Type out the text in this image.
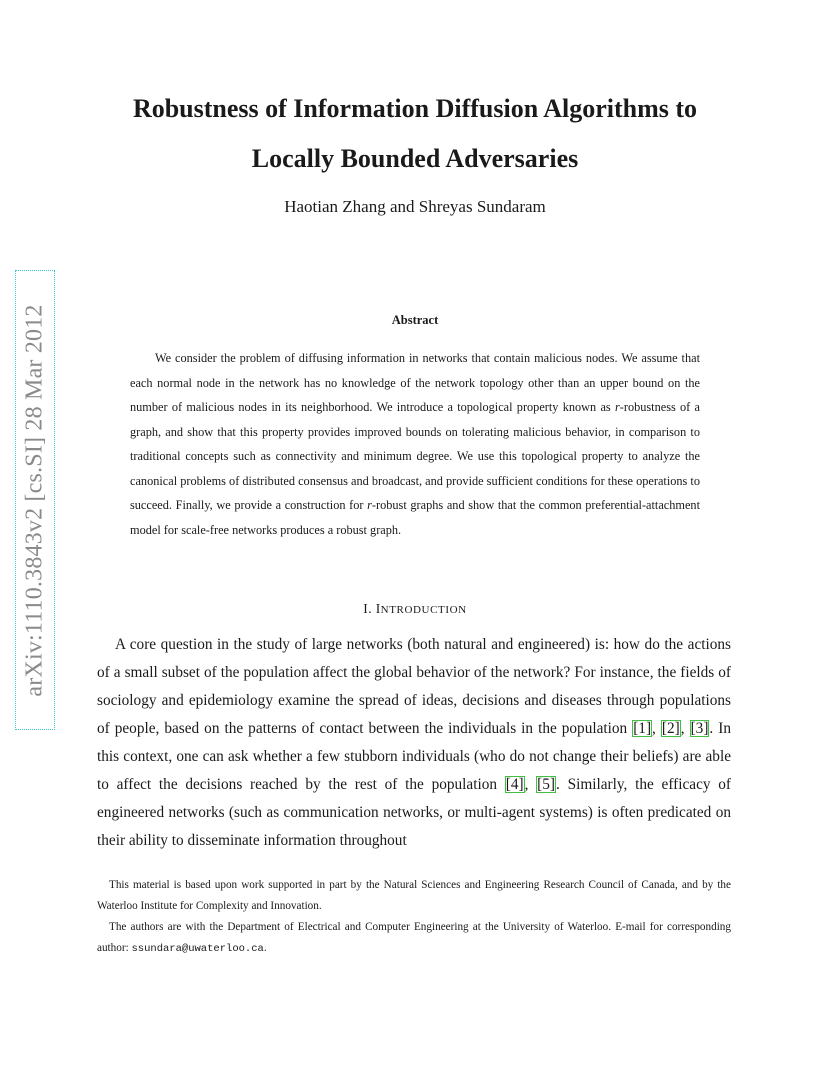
arXiv:1110.3843v2 [cs.SI] 28 Mar 2012
Robustness of Information Diffusion Algorithms to
Locally Bounded Adversaries
Haotian Zhang and Shreyas Sundaram
Abstract

We consider the problem of diffusing information in networks that contain malicious nodes. We assume that each normal node in the network has no knowledge of the network topology other than an upper bound on the number of malicious nodes in its neighborhood. We introduce a topological property known as r-robustness of a graph, and show that this property provides improved bounds on tolerating malicious behavior, in comparison to traditional concepts such as connectivity and minimum degree. We use this topological property to analyze the canonical problems of distributed consensus and broadcast, and provide sufficient conditions for these operations to succeed. Finally, we provide a construction for r-robust graphs and show that the common preferential-attachment model for scale-free networks produces a robust graph.

I. INTRODUCTION

A core question in the study of large networks (both natural and engineered) is: how do the actions of a small subset of the population affect the global behavior of the network? For instance, the fields of sociology and epidemiology examine the spread of ideas, decisions and diseases through populations of people, based on the patterns of contact between the individuals in the population [1], [2], [3]. In this context, one can ask whether a few stubborn individuals (who do not change their beliefs) are able to affect the decisions reached by the rest of the population [4], [5]. Similarly, the efficacy of engineered networks (such as communication networks, or multi-agent systems) is often predicated on their ability to disseminate information throughout

This material is based upon work supported in part by the Natural Sciences and Engineering Research Council of Canada, and by the Waterloo Institute for Complexity and Innovation.

The authors are with the Department of Electrical and Computer Engineering at the University of Waterloo. E-mail for corresponding author: ssundara@uwaterloo.ca.
